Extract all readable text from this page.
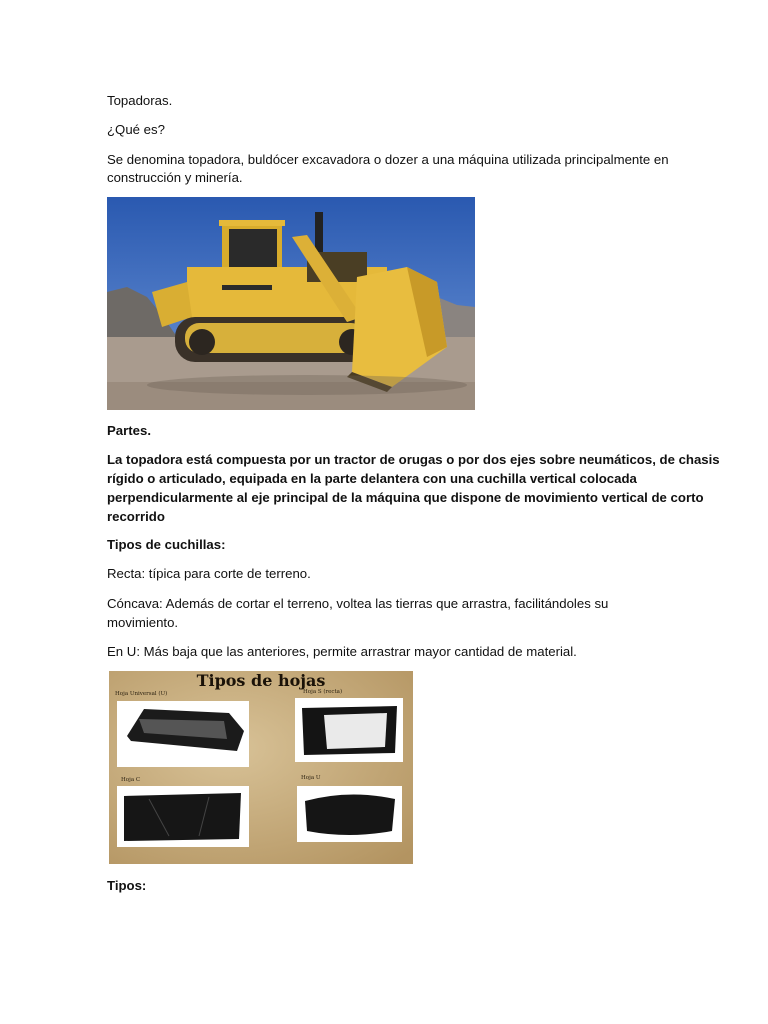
Topadoras.

¿Qué es?

Se denomina topadora, buldócer excavadora o dozer a una máquina utilizada principalmente en

construcción y minería.

Partes.

La topadora está compuesta por un tractor de orugas o por dos ejes sobre neumáticos, de chasis

rígido o articulado, equipada en la parte delantera con una cuchilla vertical colocada

perpendicularmente al eje principal de la máquina que dispone de movimiento vertical de corto

recorrido

Tipos de cuchillas:

Recta: típica para corte de terreno.

Cóncava: Además de cortar el terreno, voltea las tierras que arrastra, facilitándoles su

movimiento.

En U: Más baja que las anteriores, permite arrastrar mayor cantidad de material.

Tipos de hojas
Hoja Universal (U)	Hoja S (recta)
Hoja C	Hoja U

Tipos:
